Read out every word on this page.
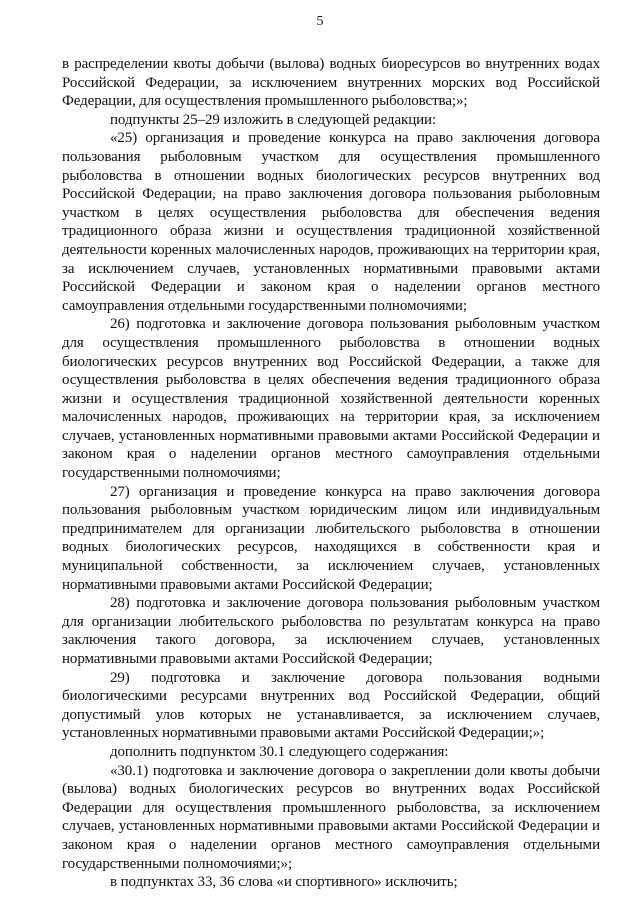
5

в распределении квоты добычи (вылова) водных биоресурсов во внутренних водах Российской Федерации, за исключением внутренних морских вод Российской Федерации, для осуществления промышленного рыболовства;»;

подпункты 25–29 изложить в следующей редакции:

«25) организация и проведение конкурса на право заключения договора пользования рыболовным участком для осуществления промышленного рыболовства в отношении водных биологических ресурсов внутренних вод Российской Федерации, на право заключения договора пользования рыболовным участком в целях осуществления рыболовства для обеспечения ведения традиционного образа жизни и осуществления традиционной хозяйственной деятельности коренных малочисленных народов, проживающих на территории края, за исключением случаев, установленных нормативными правовыми актами Российской Федерации и законом края о наделении органов местного самоуправления отдельными государственными полномочиями;

26) подготовка и заключение договора пользования рыболовным участком для осуществления промышленного рыболовства в отношении водных биологических ресурсов внутренних вод Российской Федерации, а также для осуществления рыболовства в целях обеспечения ведения традиционного образа жизни и осуществления традиционной хозяйственной деятельности коренных малочисленных народов, проживающих на территории края, за исключением случаев, установленных нормативными правовыми актами Российской Федерации и законом края о наделении органов местного самоуправления отдельными государственными полномочиями;

27) организация и проведение конкурса на право заключения договора пользования рыболовным участком юридическим лицом или индивидуальным предпринимателем для организации любительского рыболовства в отношении водных биологических ресурсов, находящихся в собственности края и муниципальной собственности, за исключением случаев, установленных нормативными правовыми актами Российской Федерации;

28) подготовка и заключение договора пользования рыболовным участком для организации любительского рыболовства по результатам конкурса на право заключения такого договора, за исключением случаев, установленных нормативными правовыми актами Российской Федерации;

29) подготовка и заключение договора пользования водными биологическими ресурсами внутренних вод Российской Федерации, общий допустимый улов которых не устанавливается, за исключением случаев, установленных нормативными правовыми актами Российской Федерации;»;

дополнить подпунктом 30.1 следующего содержания:

«30.1) подготовка и заключение договора о закреплении доли квоты добычи (вылова) водных биологических ресурсов во внутренних водах Российской Федерации для осуществления промышленного рыболовства, за исключением случаев, установленных нормативными правовыми актами Российской Федерации и законом края о наделении органов местного самоуправления отдельными государственными полномочиями;»;

в подпунктах 33, 36 слова «и спортивного» исключить;
